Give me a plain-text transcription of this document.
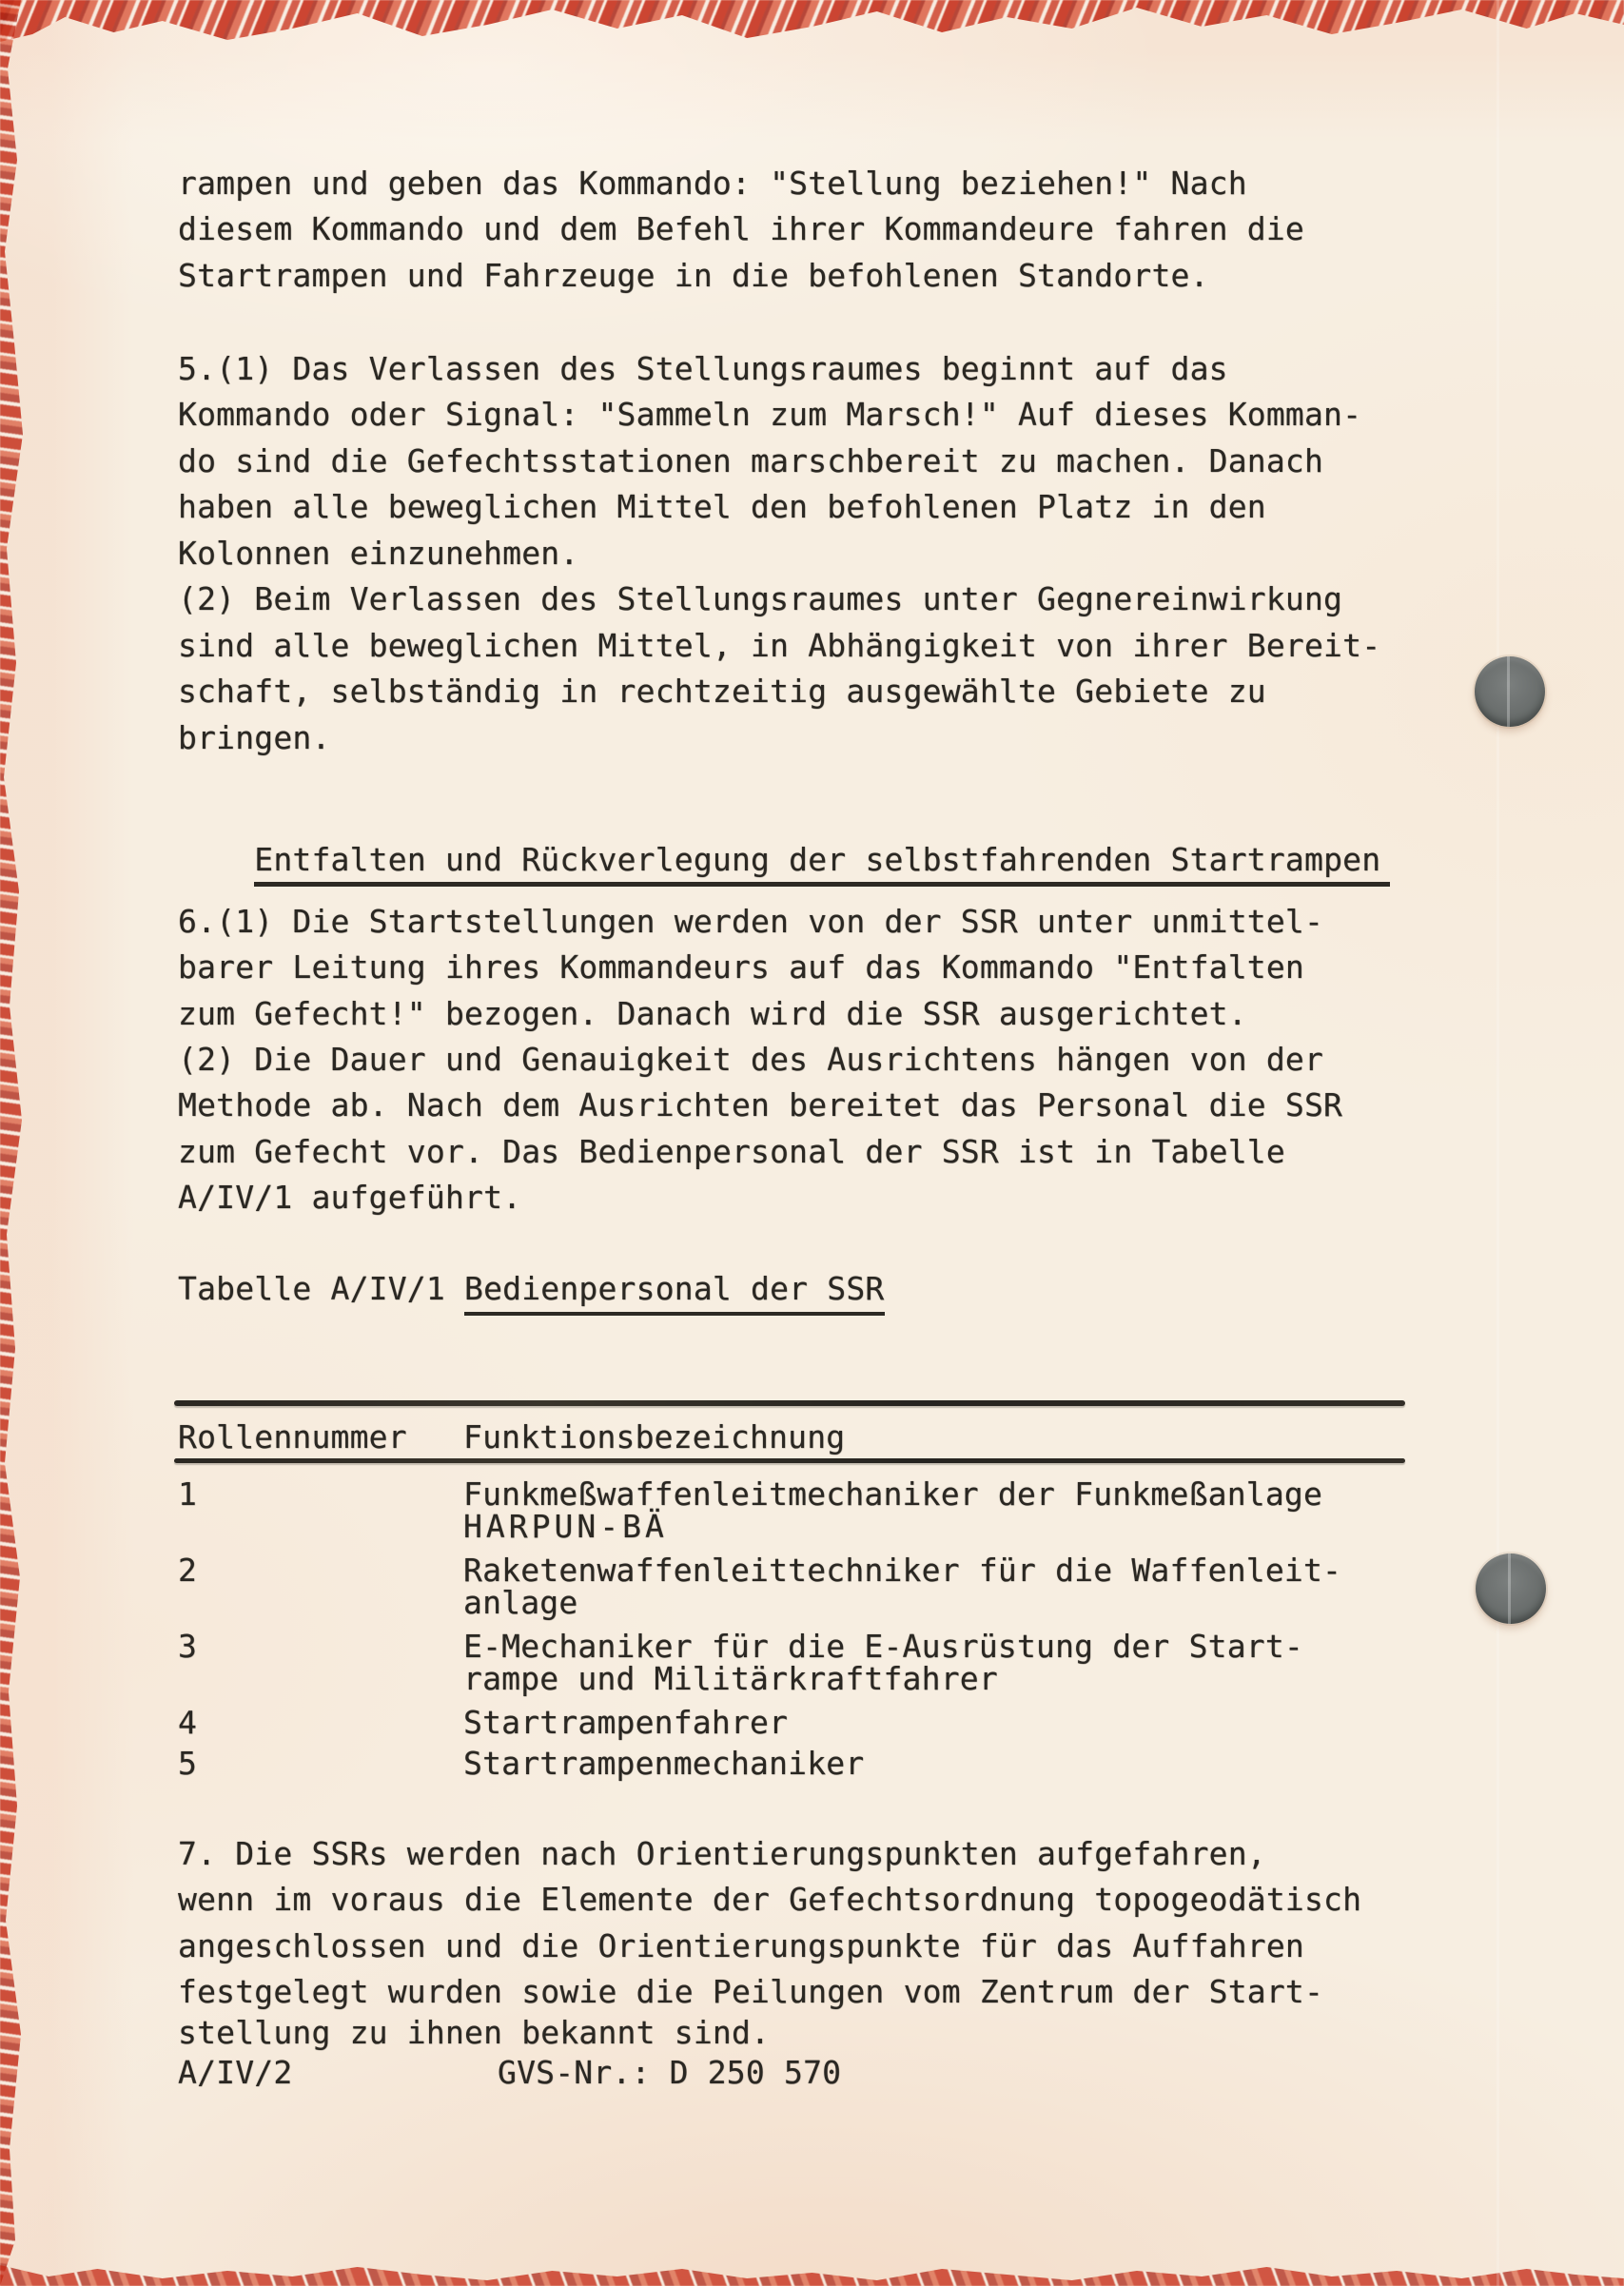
rampen und geben das Kommando: "Stellung beziehen!" Nach
diesem Kommando und dem Befehl ihrer Kommandeure fahren die
Startrampen und Fahrzeuge in die befohlenen Standorte.
5.(1) Das Verlassen des Stellungsraumes beginnt auf das
Kommando oder Signal: "Sammeln zum Marsch!" Auf dieses Komman-
do sind die Gefechtsstationen marschbereit zu machen. Danach
haben alle beweglichen Mittel den befohlenen Platz in den
Kolonnen einzunehmen.
(2) Beim Verlassen des Stellungsraumes unter Gegnereinwirkung
sind alle beweglichen Mittel, in Abhängigkeit von ihrer Bereit-
schaft, selbständig in rechtzeitig ausgewählte Gebiete zu
bringen.

Entfalten und Rückverlegung der selbstfahrenden Startrampen

6.(1) Die Startstellungen werden von der SSR unter unmittel-
barer Leitung ihres Kommandeurs auf das Kommando "Entfalten
zum Gefecht!" bezogen. Danach wird die SSR ausgerichtet.
(2) Die Dauer und Genauigkeit des Ausrichtens hängen von der
Methode ab. Nach dem Ausrichten bereitet das Personal die SSR
zum Gefecht vor. Das Bedienpersonal der SSR ist in Tabelle
A/IV/1 aufgeführt.
Tabelle A/IV/1 Bedienpersonal der SSR
Rollennummer Funktionsbezeichnung
1	Funkmeßwaffenleitmechaniker der Funkmeßanlage
HARPUN-BÄ
2	Raketenwaffenleittechniker für die Waffenleit-
anlage
3	E-Mechaniker für die E-Ausrüstung der Start-
rampe und Militärkraftfahrer
4	Startrampenfahrer
5	Startrampenmechaniker
7. Die SSRs werden nach Orientierungspunkten aufgefahren,
wenn im voraus die Elemente der Gefechtsordnung topogeodätisch
angeschlossen und die Orientierungspunkte für das Auffahren
festgelegt wurden sowie die Peilungen vom Zentrum der Start-
stellung zu ihnen bekannt sind.
A/IV/2	GVS-Nr.: D 250 570
